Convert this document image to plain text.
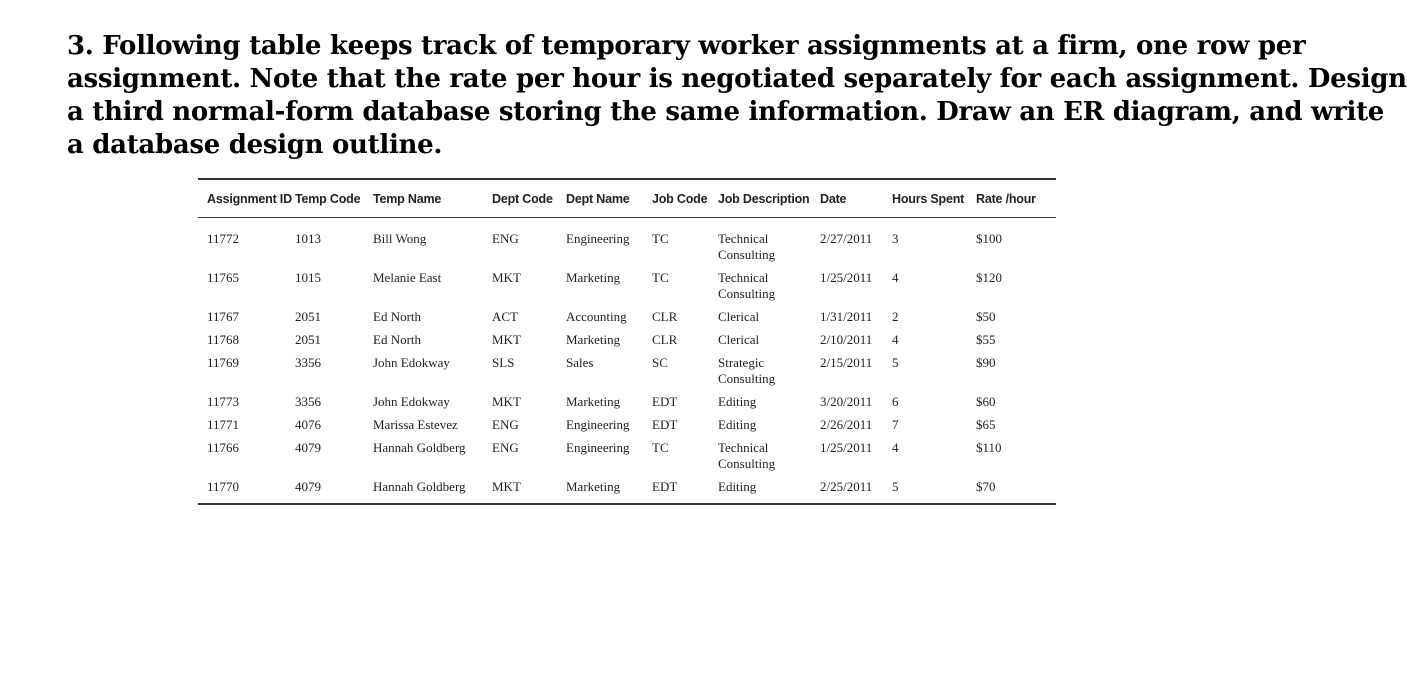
3. Following table keeps track of temporary worker assignments at a firm, one row per
assignment. Note that the rate per hour is negotiated separately for each assignment. Design
a third normal-form database storing the same information. Draw an ER diagram, and write
a database design outline.
Assignment ID	Temp Code	Temp Name	Dept Code	Dept Name	Job Code	Job Description	Date	Hours Spent	Rate /hour
11772	1013	Bill Wong	ENG	Engineering	TC	Technical Consulting	2/27/2011	3	$100
11765	1015	Melanie East	MKT	Marketing	TC	Technical Consulting	1/25/2011	4	$120
11767	2051	Ed North	ACT	Accounting	CLR	Clerical	1/31/2011	2	$50
11768	2051	Ed North	MKT	Marketing	CLR	Clerical	2/10/2011	4	$55
11769	3356	John Edokway	SLS	Sales	SC	Strategic Consulting	2/15/2011	5	$90
11773	3356	John Edokway	MKT	Marketing	EDT	Editing	3/20/2011	6	$60
11771	4076	Marissa Estevez	ENG	Engineering	EDT	Editing	2/26/2011	7	$65
11766	4079	Hannah Goldberg	ENG	Engineering	TC	Technical Consulting	1/25/2011	4	$110
11770	4079	Hannah Goldberg	MKT	Marketing	EDT	Editing	2/25/2011	5	$70
